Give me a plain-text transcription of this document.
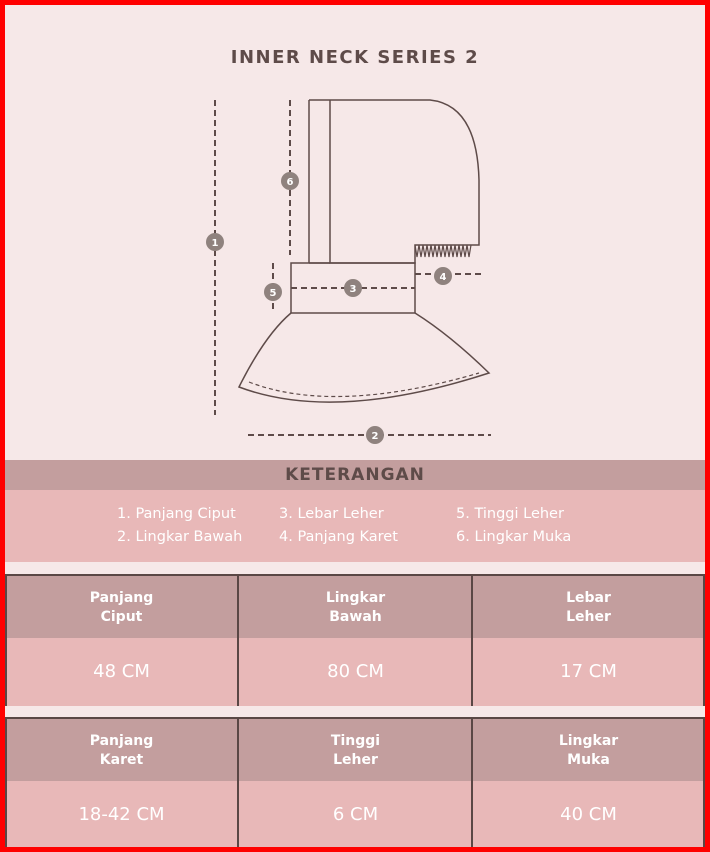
INNER NECK SERIES 2
1
2
3
4
5
6
KETERANGAN
1. Panjang Ciput
2. Lingkar Bawah
3. Lebar Leher
4. Panjang Karet
5. Tinggi Leher
6. Lingkar Muka
Panjang
Ciput
48 CM
Lingkar
Bawah
80 CM
Lebar
Leher
17 CM
Panjang
Karet
18-42 CM
Tinggi
Leher
6 CM
Lingkar
Muka
40 CM
